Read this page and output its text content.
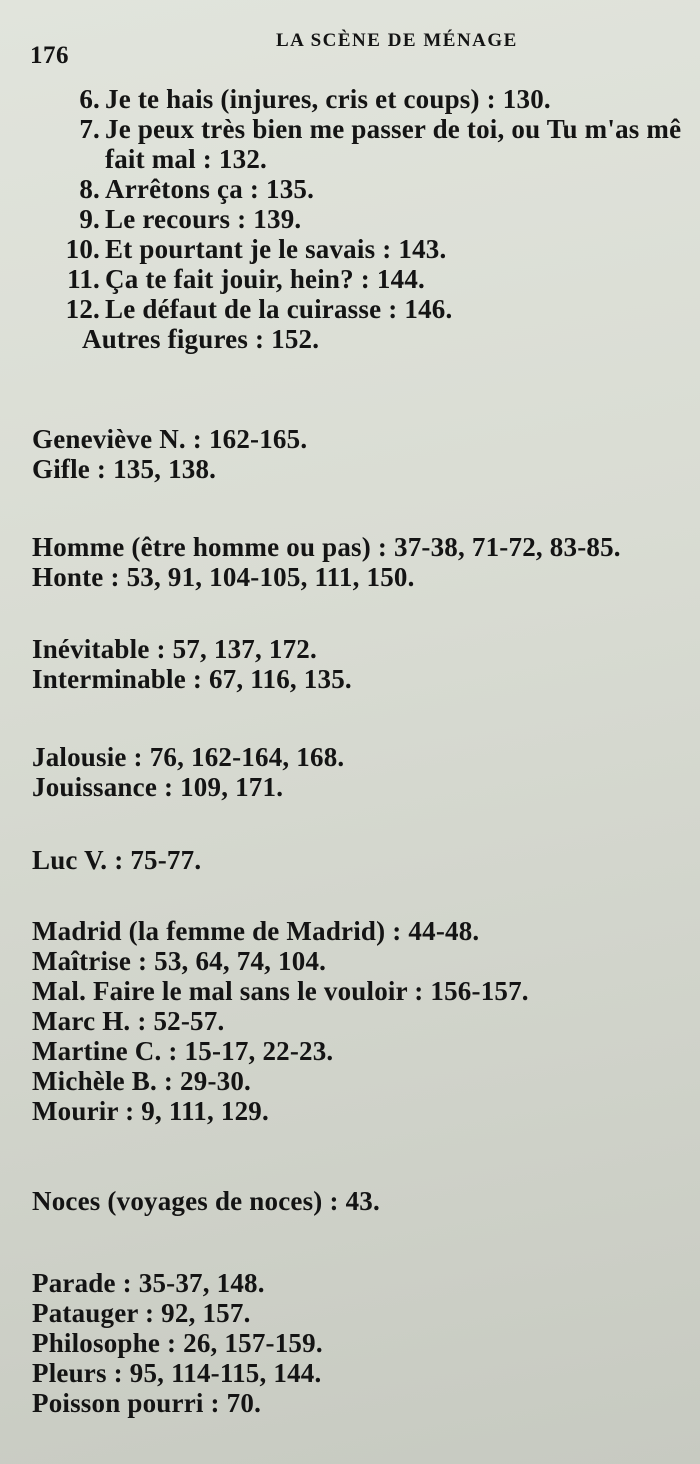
176
LA SCÈNE DE MÉNAGE
6. Je te hais (injures, cris et coups) : 130.
7. Je peux très bien me passer de toi, ou Tu m'as mê
fait mal : 132.
8. Arrêtons ça : 135.
9. Le recours : 139.
10. Et pourtant je le savais : 143.
11. Ça te fait jouir, hein? : 144.
12. Le défaut de la cuirasse : 146.
Autres figures : 152.
Geneviève N. : 162-165.
Gifle : 135, 138.
Homme (être homme ou pas) : 37-38, 71-72, 83-85.
Honte : 53, 91, 104-105, 111, 150.
Inévitable : 57, 137, 172.
Interminable : 67, 116, 135.
Jalousie : 76, 162-164, 168.
Jouissance : 109, 171.
Luc V. : 75-77.
Madrid (la femme de Madrid) : 44-48.
Maîtrise : 53, 64, 74, 104.
Mal. Faire le mal sans le vouloir : 156-157.
Marc H. : 52-57.
Martine C. : 15-17, 22-23.
Michèle B. : 29-30.
Mourir : 9, 111, 129.
Noces (voyages de noces) : 43.
Parade : 35-37, 148.
Patauger : 92, 157.
Philosophe : 26, 157-159.
Pleurs : 95, 114-115, 144.
Poisson pourri : 70.
